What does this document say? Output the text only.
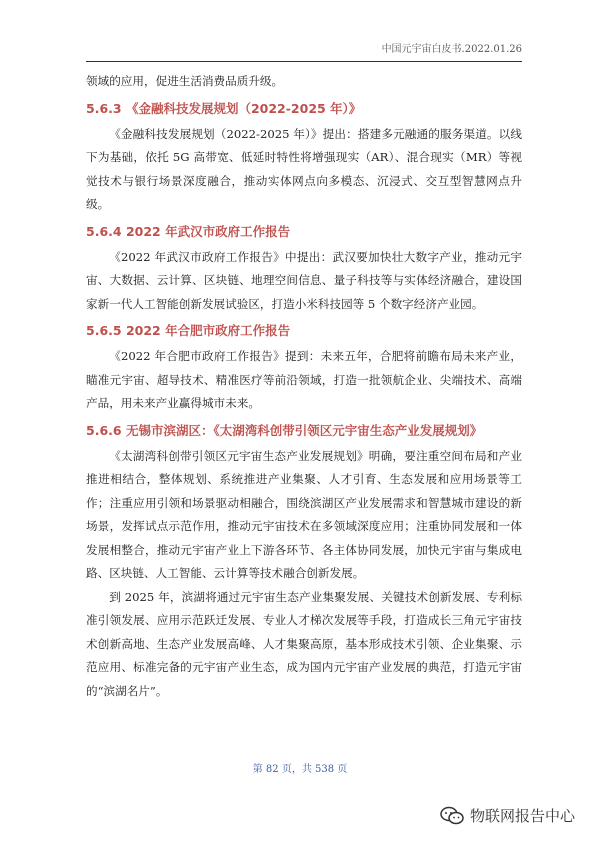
中国元宇宙白皮书.2022.01.26

领域的应用，促进生活消费品质升级。

5.6.3 《金融科技发展规划（2022-2025 年）》

《金融科技发展规划（2022-2025 年）》提出：搭建多元融通的服务渠道。以线下为基础，依托 5G 高带宽、低延时特性将增强现实（AR）、混合现实（MR）等视觉技术与银行场景深度融合，推动实体网点向多模态、沉浸式、交互型智慧网点升级。

5.6.4 2022 年武汉市政府工作报告

《2022 年武汉市政府工作报告》中提出：武汉要加快壮大数字产业，推动元宇宙、大数据、云计算、区块链、地理空间信息、量子科技等与实体经济融合，建设国家新一代人工智能创新发展试验区，打造小米科技园等 5 个数字经济产业园。

5.6.5 2022 年合肥市政府工作报告

《2022 年合肥市政府工作报告》提到：未来五年，合肥将前瞻布局未来产业，瞄准元宇宙、超导技术、精准医疗等前沿领域，打造一批领航企业、尖端技术、高端产品，用未来产业赢得城市未来。

5.6.6 无锡市滨湖区：《太湖湾科创带引领区元宇宙生态产业发展规划》

《太湖湾科创带引领区元宇宙生态产业发展规划》明确，要注重空间布局和产业推进相结合，整体规划、系统推进产业集聚、人才引育、生态发展和应用场景等工作；注重应用引领和场景驱动相融合，围绕滨湖区产业发展需求和智慧城市建设的新场景，发挥试点示范作用，推动元宇宙技术在多领域深度应用；注重协同发展和一体发展相整合，推动元宇宙产业上下游各环节、各主体协同发展，加快元宇宙与集成电路、区块链、人工智能、云计算等技术融合创新发展。

到 2025 年，滨湖将通过元宇宙生态产业集聚发展、关键技术创新发展、专利标准引领发展、应用示范跃迁发展、专业人才梯次发展等手段，打造成长三角元宇宙技术创新高地、生态产业发展高峰、人才集聚高原，基本形成技术引领、企业集聚、示范应用、标准完备的元宇宙产业生态，成为国内元宇宙产业发展的典范，打造元宇宙的“滨湖名片”。

第 82 页，共 538 页
物联网报告中心
